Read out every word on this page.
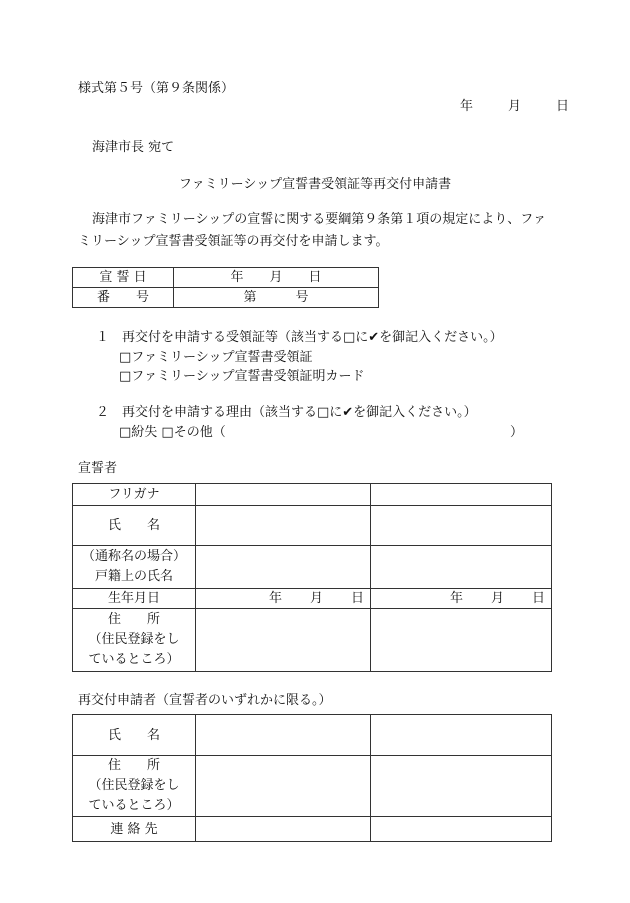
様式第５号（第９条関係）
年	月	日
海津市長 宛て
ファミリーシップ宣誓書受領証等再交付申請書
海津市ファミリーシップの宣誓に関する要綱第９条第１項の規定により、ファ
ミリーシップ宣誓書受領証等の再交付を申請します。
宣 誓 日	年　　月　　日
番　　号	第　　　号
１　再交付を申請する受領証等（該当する□に✔を御記入ください。）
□ファミリーシップ宣誓書受領証
□ファミリーシップ宣誓書受領証明カード
２　再交付を申請する理由（該当する□に✔を御記入ください。）
□紛失 □その他（	）
宣誓者
フリガナ		
氏　　名		

（通称名の場合）
戸籍上の氏名		

生年月日	年 月 日	年 月 日

住　　所
（住民登録をし
ているところ）		

再交付申請者（宣誓者のいずれかに限る。）
氏　　名		

住　　所
（住民登録をし
ているところ）		

連 絡 先		
